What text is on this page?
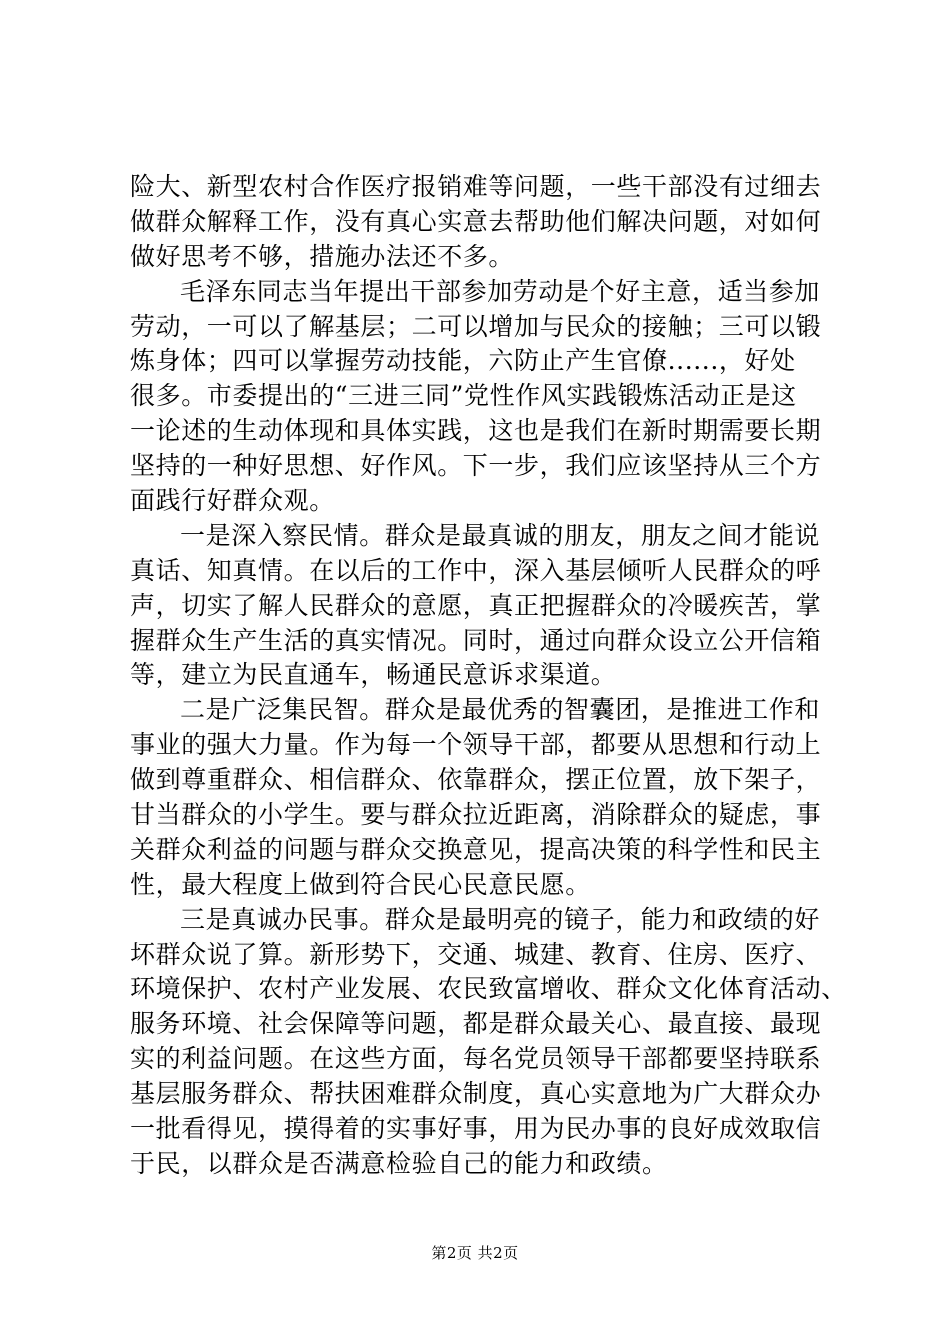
险大、新型农村合作医疗报销难等问题，一些干部没有过细去
做群众解释工作，没有真心实意去帮助他们解决问题，对如何
做好思考不够，措施办法还不多。
毛泽东同志当年提出干部参加劳动是个好主意，适当参加
劳动，一可以了解基层；二可以增加与民众的接触；三可以锻
炼身体；四可以掌握劳动技能，六防止产生官僚......，好处
很多。市委提出的“三进三同”党性作风实践锻炼活动正是这
一论述的生动体现和具体实践，这也是我们在新时期需要长期
坚持的一种好思想、好作风。下一步，我们应该坚持从三个方
面践行好群众观。
一是深入察民情。群众是最真诚的朋友，朋友之间才能说
真话、知真情。在以后的工作中，深入基层倾听人民群众的呼
声，切实了解人民群众的意愿，真正把握群众的冷暖疾苦，掌
握群众生产生活的真实情况。同时，通过向群众设立公开信箱
等，建立为民直通车，畅通民意诉求渠道。
二是广泛集民智。群众是最优秀的智囊团，是推进工作和
事业的强大力量。作为每一个领导干部，都要从思想和行动上
做到尊重群众、相信群众、依靠群众，摆正位置，放下架子，
甘当群众的小学生。要与群众拉近距离，消除群众的疑虑，事
关群众利益的问题与群众交换意见，提高决策的科学性和民主
性，最大程度上做到符合民心民意民愿。
三是真诚办民事。群众是最明亮的镜子，能力和政绩的好
坏群众说了算。新形势下，交通、城建、教育、住房、医疗、
环境保护、农村产业发展、农民致富增收、群众文化体育活动、
服务环境、社会保障等问题，都是群众最关心、最直接、最现
实的利益问题。在这些方面，每名党员领导干部都要坚持联系
基层服务群众、帮扶困难群众制度，真心实意地为广大群众办
一批看得见，摸得着的实事好事，用为民办事的良好成效取信
于民，以群众是否满意检验自己的能力和政绩。
第2页 共2页
